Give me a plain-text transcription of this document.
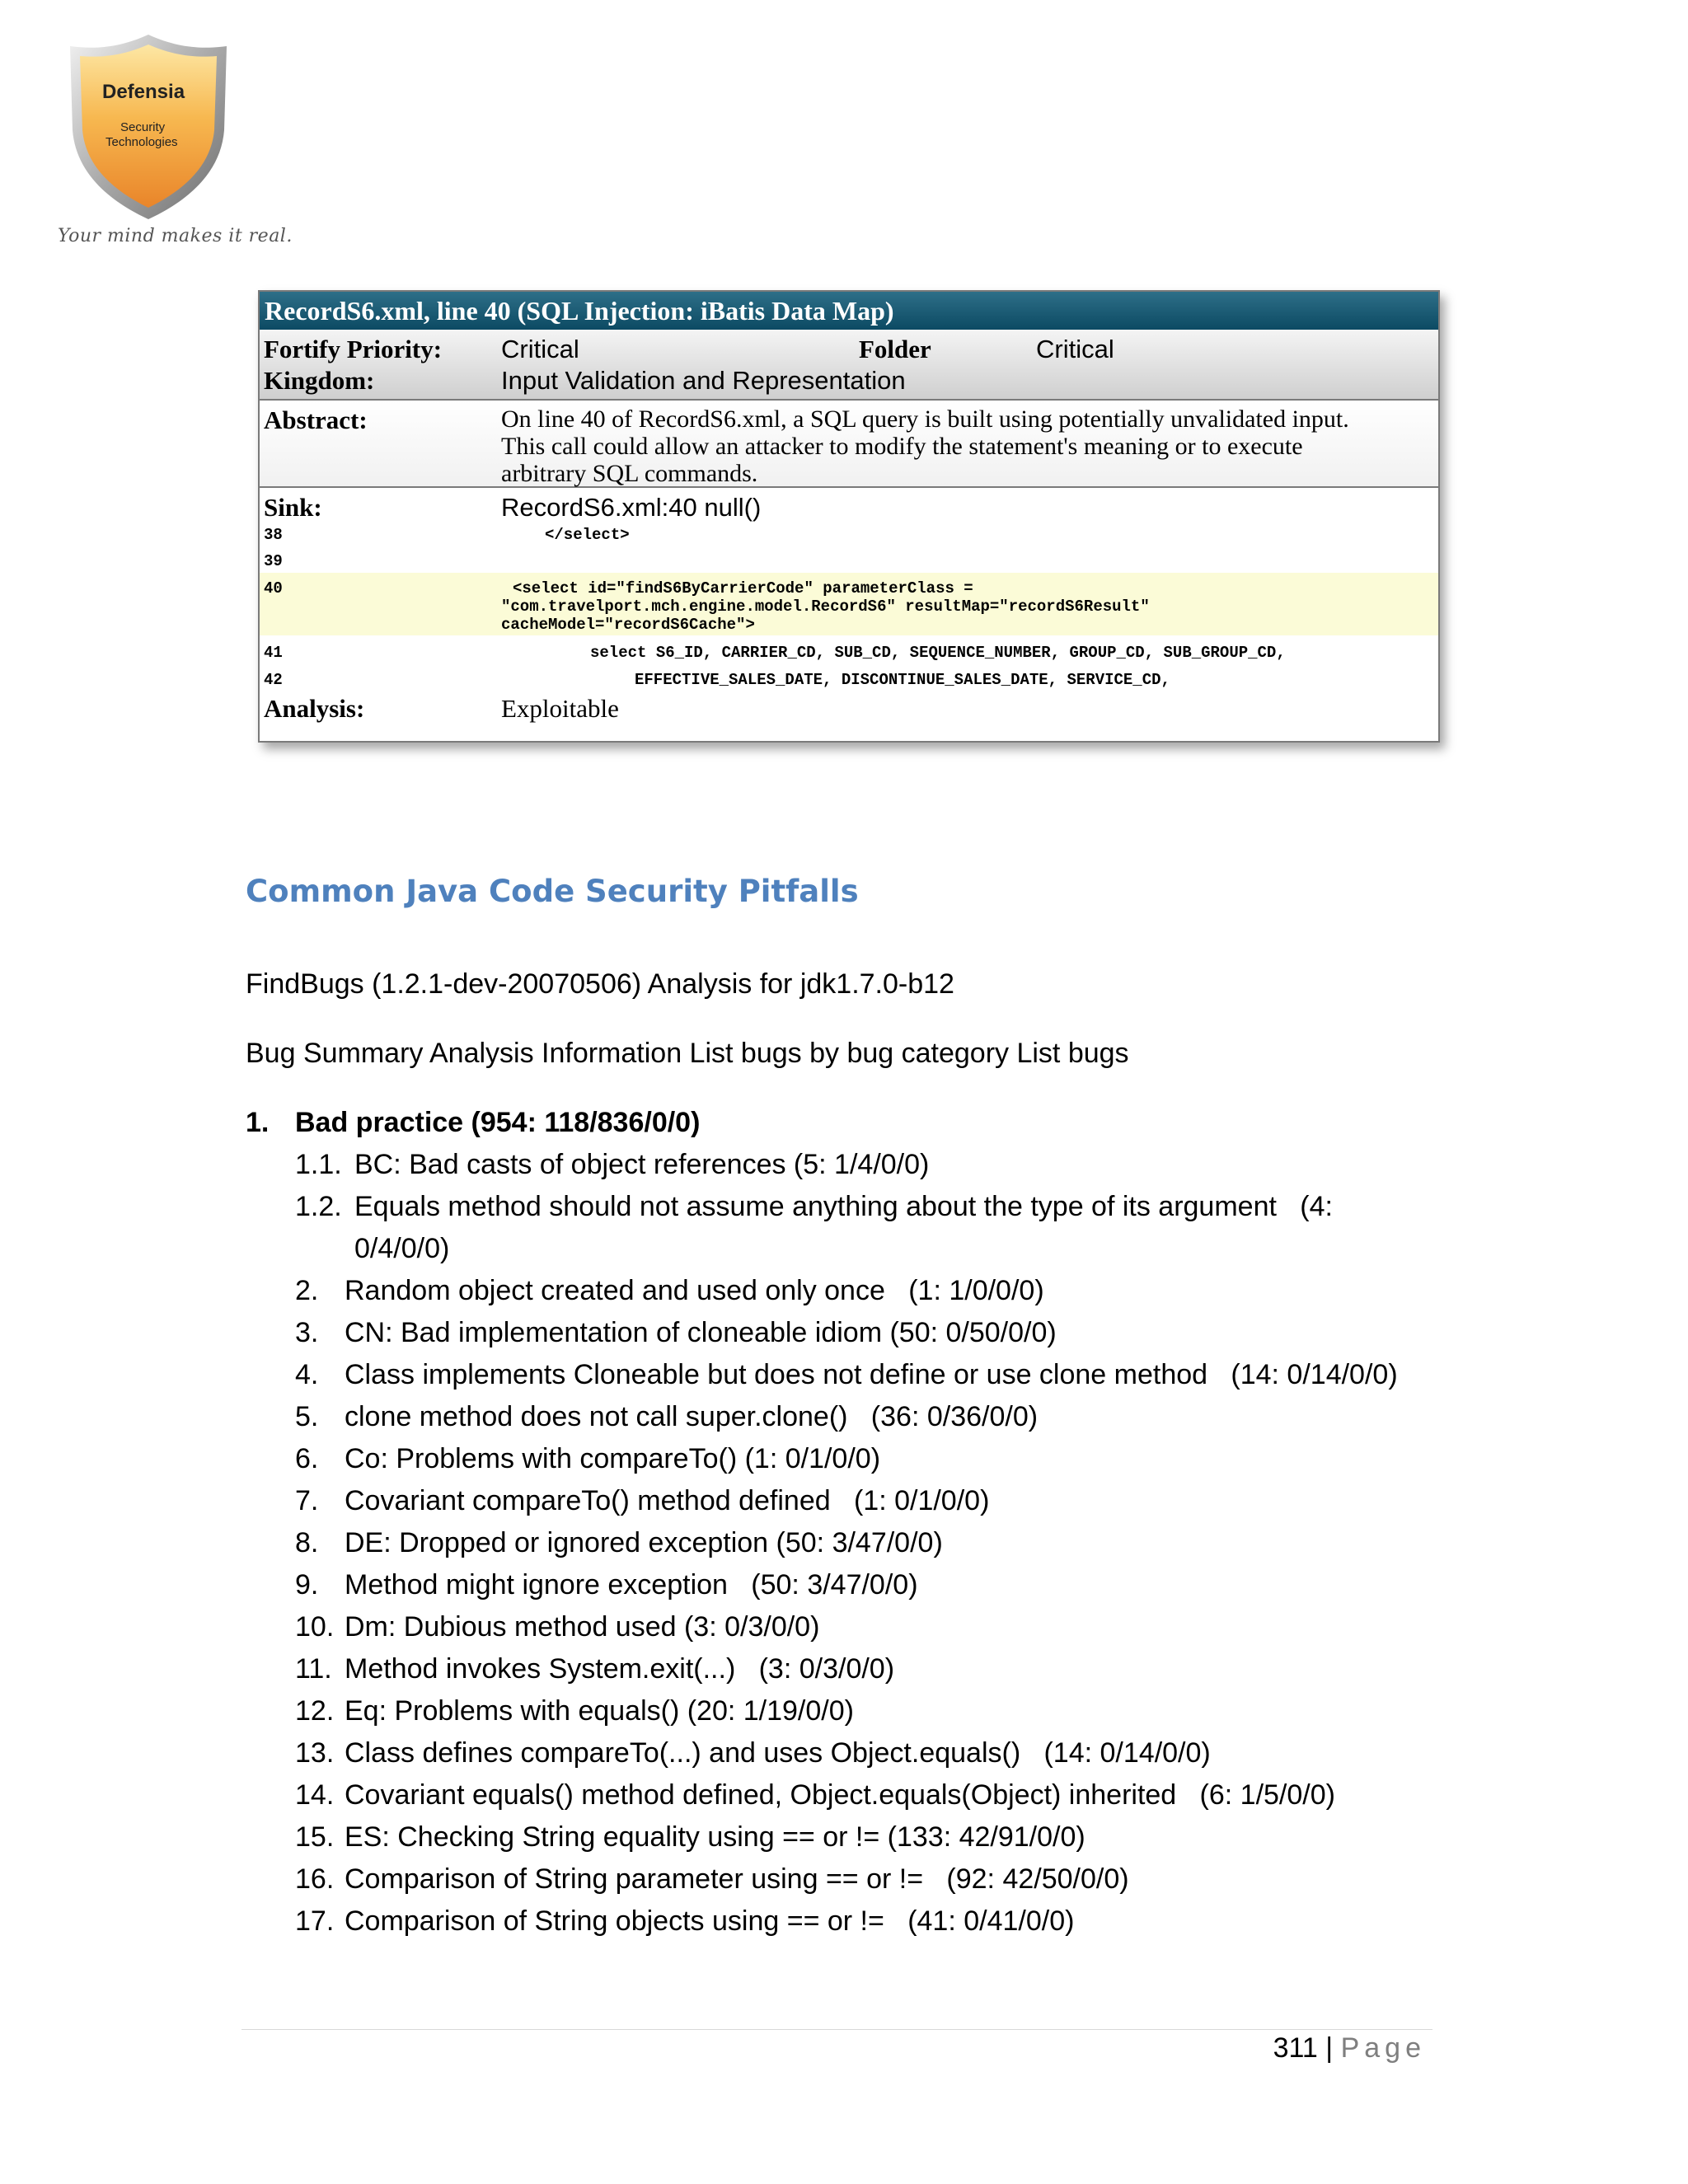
Defensia
Security
Technologies
Your mind makes it real.
RecordS6.xml, line 40 (SQL Injection: iBatis Data Map)
Fortify Priority: Critical	Folder	Critical
Kingdom:	Input Validation and Representation
Abstract:	On line 40 of RecordS6.xml, a SQL query is built using potentially unvalidated input.
This call could allow an attacker to modify the statement's meaning or to execute
arbitrary SQL commands.
Sink:	RecordS6.xml:40 null()
38	</select>
39
40	<select id="findS6ByCarrierCode" parameterClass =
"com.travelport.mch.engine.model.RecordS6" resultMap="recordS6Result"
cacheModel="recordS6Cache">
41	select S6_ID, CARRIER_CD, SUB_CD, SEQUENCE_NUMBER, GROUP_CD, SUB_GROUP_CD,
42	EFFECTIVE_SALES_DATE, DISCONTINUE_SALES_DATE, SERVICE_CD,
Analysis:	Exploitable
Common Java Code Security Pitfalls
FindBugs (1.2.1-dev-20070506) Analysis for jdk1.7.0-b12
Bug Summary Analysis Information List bugs by bug category List bugs
1. Bad practice (954: 118/836/0/0)
1.1. BC: Bad casts of object references (5: 1/4/0/0)
1.2. Equals method should not assume anything about the type of its argument   (4:
0/4/0/0)
2. Random object created and used only once   (1: 1/0/0/0)
3. CN: Bad implementation of cloneable idiom (50: 0/50/0/0)
4. Class implements Cloneable but does not define or use clone method   (14: 0/14/0/0)
5. clone method does not call super.clone()   (36: 0/36/0/0)
6. Co: Problems with compareTo() (1: 0/1/0/0)
7. Covariant compareTo() method defined   (1: 0/1/0/0)
8. DE: Dropped or ignored exception (50: 3/47/0/0)
9. Method might ignore exception   (50: 3/47/0/0)
10. Dm: Dubious method used (3: 0/3/0/0)
11. Method invokes System.exit(...)   (3: 0/3/0/0)
12. Eq: Problems with equals() (20: 1/19/0/0)
13. Class defines compareTo(...) and uses Object.equals()   (14: 0/14/0/0)
14. Covariant equals() method defined, Object.equals(Object) inherited   (6: 1/5/0/0)
15. ES: Checking String equality using == or != (133: 42/91/0/0)
16. Comparison of String parameter using == or !=   (92: 42/50/0/0)
17. Comparison of String objects using == or !=   (41: 0/41/0/0)
311 | Page
